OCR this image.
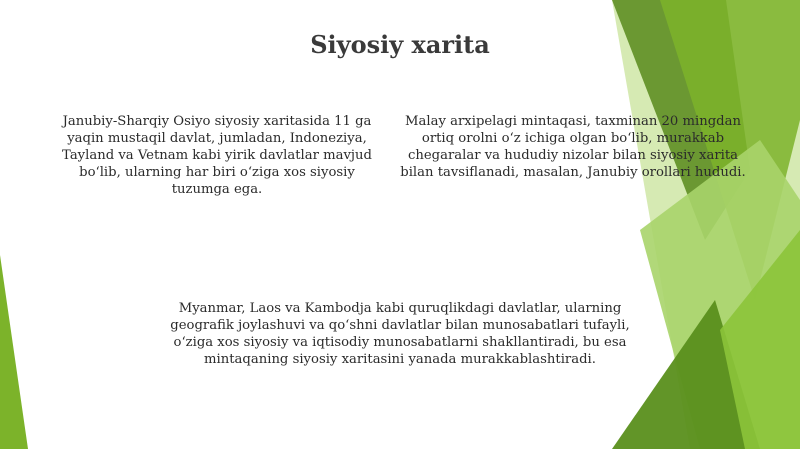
Siyosiy xarita
Janubiy-Sharqiy Osiyo siyosiy xaritasida 11 ga yaqin mustaqil davlat, jumladan, Indoneziya, Tayland va Vetnam kabi yirik davlatlar mavjud bo‘lib, ularning har biri o‘ziga xos siyosiy tuzumga ega.
Malay arxipelagi mintaqasi, taxminan 20 mingdan ortiq orolni o‘z ichiga olgan bo‘lib, murakkab chegaralar va hududiy nizolar bilan siyosiy xarita bilan tavsiflanadi, masalan, Janubiy orollari hududi.
Myanmar, Laos va Kambodja kabi quruqlikdagi davlatlar, ularning geografik joylashuvi va qo‘shni davlatlar bilan munosabatlari tufayli, o‘ziga xos siyosiy va iqtisodiy munosabatlarni shakllantiradi, bu esa mintaqaning siyosiy xaritasini yanada murakkablashtiradi.
